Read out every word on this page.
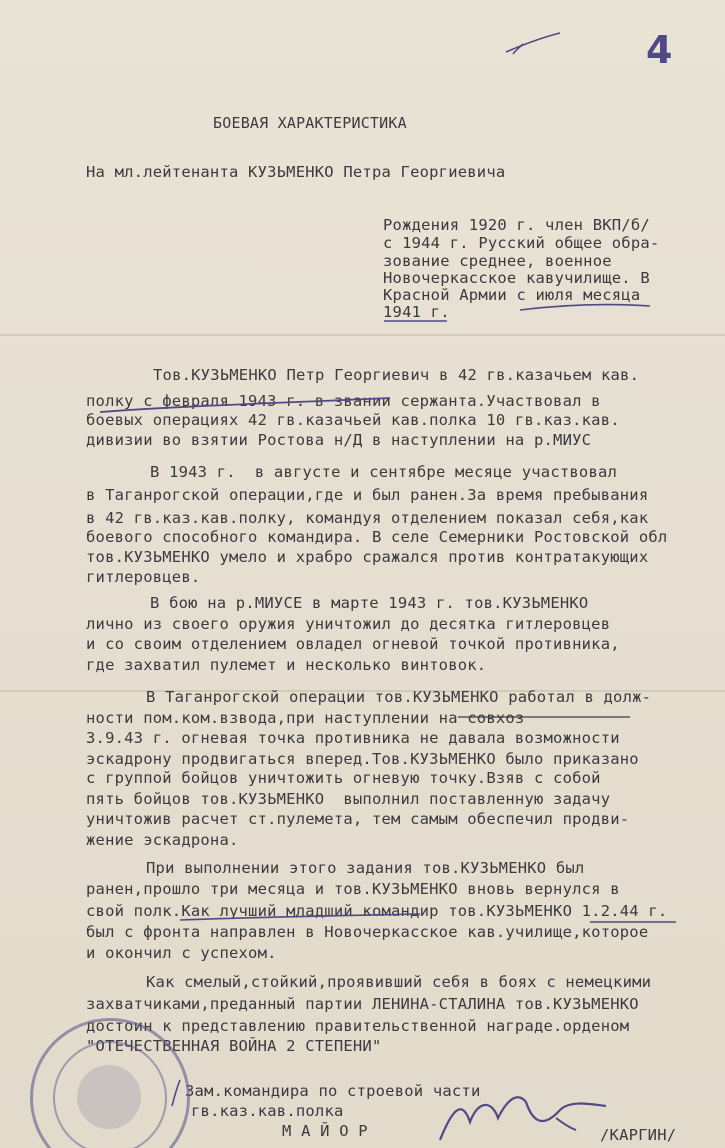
4
БОЕВАЯ ХАРАКТЕРИСТИКА
На мл.лейтенанта КУЗЬМЕНКО Петра Георгиевича
Рождения 1920 г. член ВКП/б/
с 1944 г. Русский общее обра-
зование среднее, военное
Новочеркасское кавучилище. В
Красной Армии с июля месяца
1941 г.
Тов.КУЗЬМЕНКО Петр Георгиевич в 42 гв.казачьем кав.
полку с февраля 1943 г. в звании сержанта.Участвовал в
боевых операциях 42 гв.казачьей кав.полка 10 гв.каз.кав.
дивизии во взятии Ростова н/Д в наступлении на р.МИУС
В 1943 г.  в августе и сентябре месяце участвовал
в Таганрогской операции,где и был ранен.За время пребывания
в 42 гв.каз.кав.полку, командуя отделением показал себя,как
боевого способного командира. В селе Семерники Ростовской обл
тов.КУЗЬМЕНКО умело и храбро сражался против контратакующих
гитлеровцев.
В бою на р.МИУСЕ в марте 1943 г. тов.КУЗЬМЕНКО
лично из своего оружия уничтожил до десятка гитлеровцев
и со своим отделением овладел огневой точкой противника,
где захватил пулемет и несколько винтовок.
В Таганрогской операции тов.КУЗЬМЕНКО работал в долж-
ности пом.ком.взвода,при наступлении на совхоз
3.9.43 г. огневая точка противника не давала возможности
эскадрону продвигаться вперед.Тов.КУЗЬМЕНКО было приказано
с группой бойцов уничтожить огневую точку.Взяв с собой
пять бойцов тов.КУЗЬМЕНКО  выполнил поставленную задачу
уничтожив расчет ст.пулемета, тем самым обеспечил продви-
жение эскадрона.
При выполнении этого задания тов.КУЗЬМЕНКО был
ранен,прошло три месяца и тов.КУЗЬМЕНКО вновь вернулся в
свой полк.Как лучший младший командир тов.КУЗЬМЕНКО 1.2.44 г.
был с фронта направлен в Новочеркасское кав.училище,которое
и окончил с успехом.
Как смелый,стойкий,проявивший себя в боях с немецкими
захватчиками,преданный партии ЛЕНИНА-СТАЛИНА тов.КУЗЬМЕНКО
достоин к представлению правительственной награде.орденом
"ОТЕЧЕСТВЕННАЯ ВОЙНА 2 СТЕПЕНИ"
Зам.командира по строевой части
гв.каз.кав.полка
М А Й О Р	/КАРГИН/
